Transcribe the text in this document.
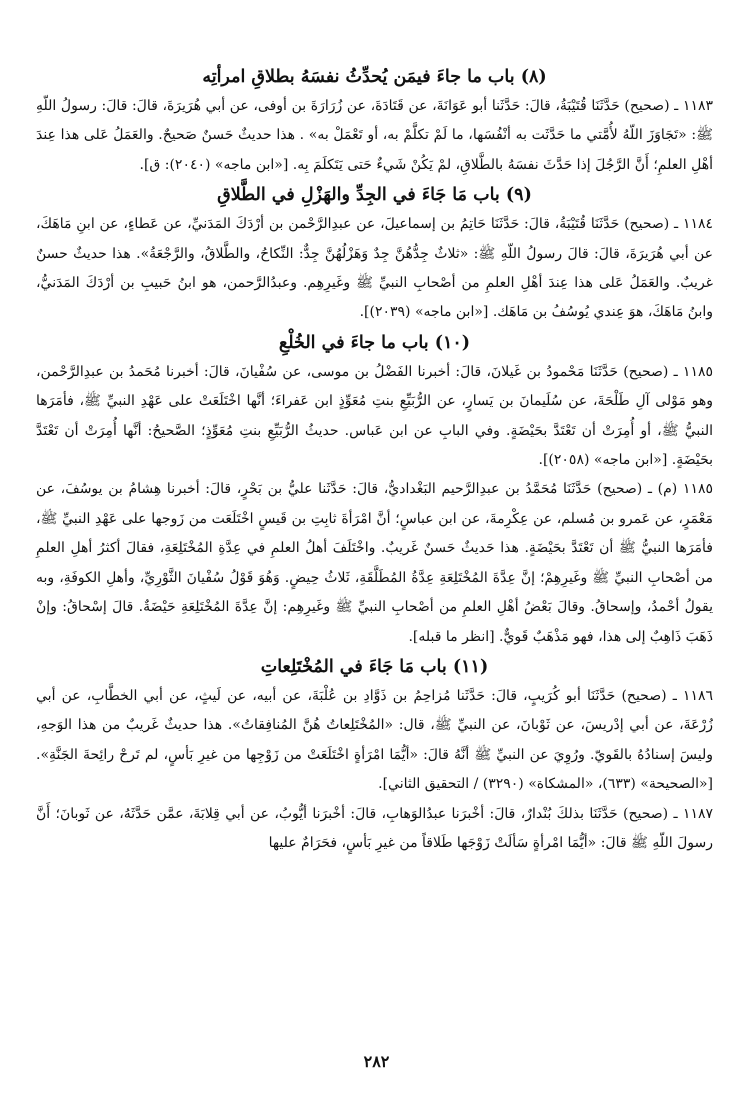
(٨) باب ما جاءَ فيمَن يُحدِّثُ نفسَهُ بطلاقِ امرأتِه

١١٨٣ ـ (صحيح) حَدَّثَنَا قُتَيْبَةُ، قالَ: حَدَّثَنا أبو عَوَانَةَ، عن قَتَادَةَ، عن زُرَارَةَ بن أوفى، عن أبي هُرَيرَةَ، قالَ: قالَ: رسولُ اللّهِ ﷺ: «تَجَاوَزَ اللّهُ لأُمَّتي ما حَدَّثَت به أنْفُسَها، ما لَمْ تكلَّمْ به، أو تَعْمَلْ به» . هذا حديثٌ حَسنٌ صَحيحٌ. والعَمَلُ عَلى هذا عِندَ أهْلِ العلمِ؛ أَنَّ الرَّجُلَ إذا حَدَّثَ نفسَهُ بالطَّلاقِ، لمْ يَكُنْ شَيءٌ حَتى يَتَكلَمَ بِه. [«ابن ماجه» (٢٠٤٠): ق].

(٩) باب مَا جَاءَ في الجِدِّ والهَزْلِ في الطَّلاقِ

١١٨٤ ـ (صحيح) حَدَّثَنَا قُتَيْبَةُ، قالَ: حَدَّثَنَا حَاتِمُ بن إسماعيلَ، عن عبدِالرَّحْمن بن أرْدَكَ المَدَنيِّ، عن عَطاءٍ، عن ابنِ مَاهَكَ، عن أبي هُرَيرَةَ، قالَ: قالَ رسولُ اللّهِ ﷺ: «ثلاثٌ جِدُّهُنَّ جِدٌ وَهَزْلُهُنَّ جِدٌّ: النِّكاحُ، والطَّلاقُ، والرَّجْعَةُ». هذا حديثٌ حسنٌ غريبٌ. والعَمَلُ عَلى هذا عِندَ أهْلِ العلمِ من أصْحابِ النبيِّ ﷺ وغَيرِهِم. وعبدُالرَّحمن، هو ابنُ حَبيبِ بن أرْدَكَ المَدَنيُّ، وابنُ مَاهَكَ، هوَ عِندي يُوسُفُ بن مَاهَك. [«ابن ماجه» (٢٠٣٩)].

(١٠) باب ما جاءَ في الخُلْعِ

١١٨٥ ـ (صحيح) حَدَّثَنَا مَحْمودُ بن غَيلانَ، قالَ: أخبرنا الفَضْلُ بن موسى، عن سُفْيانَ، قالَ: أخبرنا مُحَمدُ بن عبدِالرَّحْمن، وهو مَوْلى آلِ طَلْحَةَ، عن سُلَيمانَ بن يَسارٍ، عن الرُّبَيِّعِ بنتِ مُعَوِّذٍ ابن عَفراءَ؛ أنَّها اخْتَلَعَتْ على عَهْدِ النبيِّ ﷺ، فأمَرَها النبيُّ ﷺ، أو أُمِرَتْ أن تَعْتَدَّ بحَيْضَةٍ. وفي البابِ عن ابن عَباس. حديثُ الرُّبَيِّعِ بنتِ مُعَوِّذٍ؛ الصَّحيحُ: أنَّها أُمِرَتْ أن تَعْتَدَّ بحَيْضَةٍ. [«ابن ماجه» (٢٠٥٨)].

١١٨٥ (م) ـ (صحيح) حَدَّثَنَا مُحَمَّدُ بن عبدِالرَّحيم البَغْداديُّ، قالَ: حَدَّثَنا عليُّ بن بَحْرٍ، قالَ: أخبرنا هِشامُ بن يوسُفَ، عن مَعْمَرٍ، عن عَمرو بن مُسلم، عن عِكْرِمةَ، عن ابن عباسٍ؛ أنَّ امْرَأةَ ثابِتِ بن قَيسٍ اخْتَلَعَت من زَوجها على عَهْدِ النبيِّ ﷺ، فأمَرَها النبيُّ ﷺ أن تَعْتَدَّ بحَيْضَةٍ. هذا حَديثٌ حَسنٌ غَريبٌ. واخْتَلَفَ أهلُ العلمِ في عِدَّةِ المُخْتَلِعَةِ، فقالَ أكثرُ أهلِ العلمِ من أصْحابِ النبيِّ ﷺ وغَيرِهِمْ؛ إنَّ عِدَّةَ المُخْتَلِعَةِ عِدَّةُ المُطَلَّقَةِ، ثَلاثُ حِيضٍ. وَهُوَ قَوْلُ سُفْيانَ الثَّوْرِيِّ، وأهلِ الكوفَةِ، وبه يقولُ أحْمدُ، وإسحاقُ. وقالَ بَعْضُ أهْلِ العلمِ من أصْحابِ النبيِّ ﷺ وغَيرِهِم: إنَّ عِدَّةَ المُخْتَلِعَةِ حَيْضَةٌ. قالَ إسْحاقُ: وإنْ ذَهَبَ ذَاهِبٌ إلى هذا، فهو مَذْهَبٌ قَويٌّ. [انظر ما قبله].

(١١) باب مَا جَاءَ في المُخْتَلِعاتِ

١١٨٦ ـ (صحيح) حَدَّثَنَا أبو كُرَيبٍ، قالَ: حَدَّثَنا مُزاحِمُ بن ذَوَّادِ بن عُلْبَةَ، عن أبيه، عن لَيثٍ، عن أبي الخطَّابِ، عن أبي زُرْعَةَ، عن أبي إدْريسَ، عن ثَوْبانَ، عن النبيِّ ﷺ، قال: «المُخْتَلِعاتُ هُنَّ المُنافِقاتُ». هذا حديثٌ غَريبٌ من هذا الوَجهِ، وليسَ إسنادُهُ بالقَويّ. ورُوِيَ عن النبيِّ ﷺ أنَّهُ قالَ: «أيُّمَا امْرَأةٍ اخْتَلَعَتْ من زَوْجِها من غيرِ بَأسٍ، لم تَرحْ رائِحةَ الجَنَّةِ». [«الصحيحة» (٦٣٣)، «المشكاة» (٣٢٩٠) / التحقيق الثاني].

١١٨٧ ـ (صحيح) حَدَّثَنَا بذلكَ بُنْدارٌ، قالَ: أخْبرَنا عبدُالوَهابِ، قالَ: أخْبرَنا أيُّوبُ، عن أبي قِلابَةَ، عمَّن حَدَّثَهُ، عن ثَوبانَ؛ أَنَّ رسولَ اللّهِ ﷺ قالَ: «أيُّمَا امْرأةٍ سَألَتْ زَوْجَها طَلاقاً من غيرِ بَأسٍ، فحَرَامٌ عليها

٢٨٢
